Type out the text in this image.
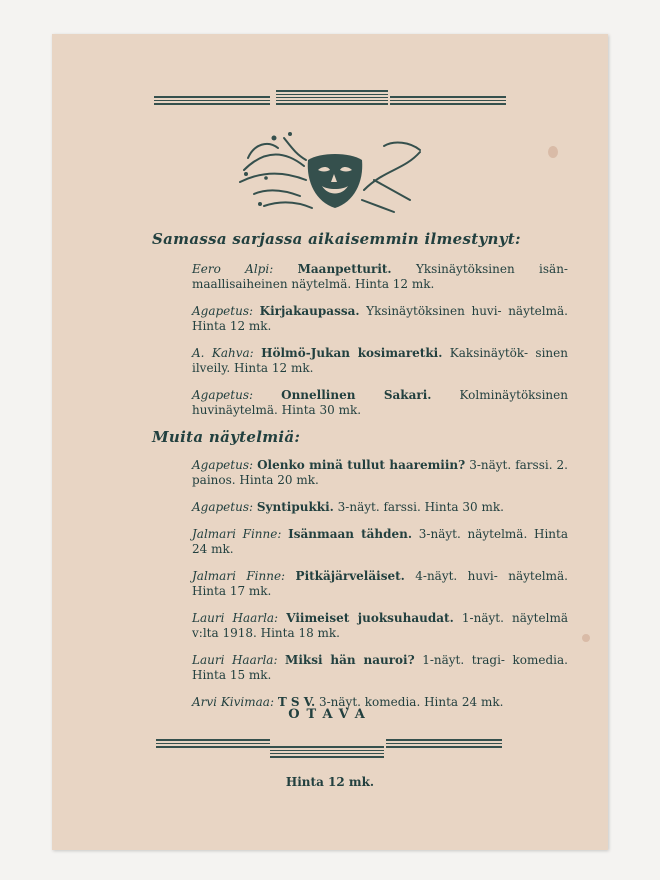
Samassa sarjassa aikaisemmin ilmestynyt:
Eero Alpi: Maanpetturit. Yksinäytöksinen isän- maallisaiheinen näytelmä. Hinta 12 mk.
Agapetus: Kirjakaupassa. Yksinäytöksinen huvi- näytelmä. Hinta 12 mk.
A. Kahva: Hölmö-Jukan kosimaretki. Kaksinäytök- sinen ilveily. Hinta 12 mk.
Agapetus: Onnellinen Sakari. Kolminäytöksinen huvinäytelmä. Hinta 30 mk.
Muita näytelmiä:
Agapetus: Olenko minä tullut haaremiin? 3-näyt. farssi. 2. painos. Hinta 20 mk.
Agapetus: Syntipukki. 3-näyt. farssi. Hinta 30 mk.
Jalmari Finne: Isänmaan tähden. 3-näyt. näytelmä. Hinta 24 mk.
Jalmari Finne: Pitkäjärveläiset. 4-näyt. huvi- näytelmä. Hinta 17 mk.
Lauri Haarla: Viimeiset juoksuhaudat. 1-näyt. näytelmä v:lta 1918. Hinta 18 mk.
Lauri Haarla: Miksi hän nauroi? 1-näyt. tragi- komedia. Hinta 15 mk.
Arvi Kivimaa: T S V. 3-näyt. komedia. Hinta 24 mk.
OTAVA
Hinta 12 mk.
